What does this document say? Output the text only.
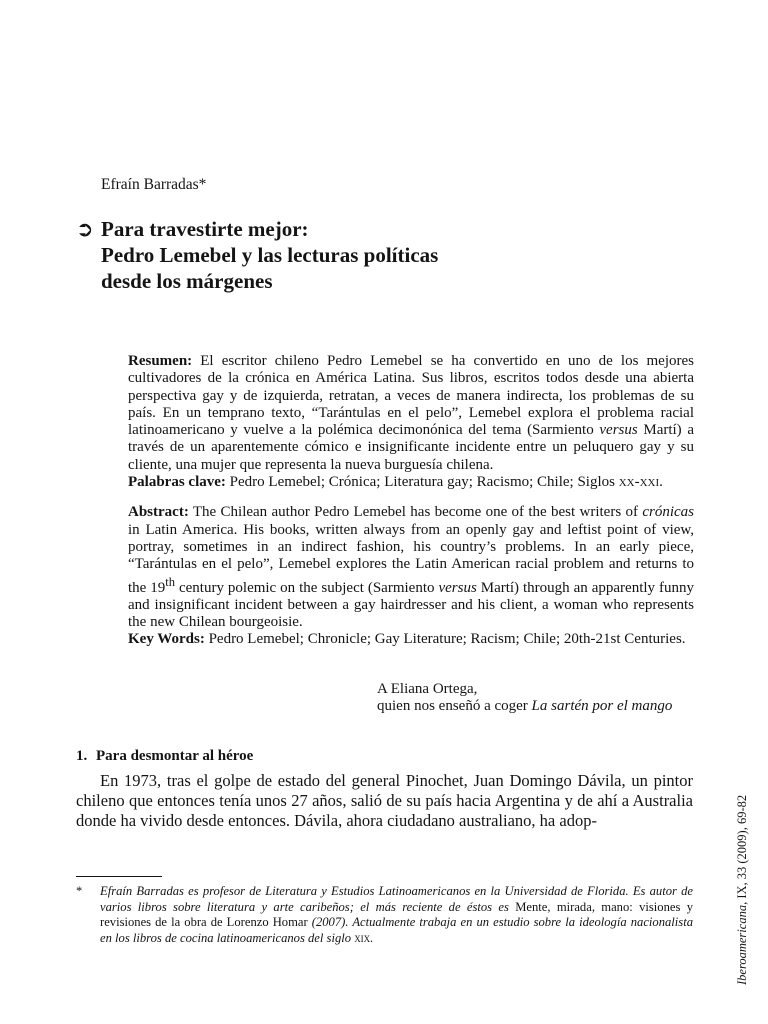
Efraín Barradas*
➲ Para travestirte mejor:
Pedro Lemebel y las lecturas políticas
desde los márgenes

Resumen: El escritor chileno Pedro Lemebel se ha convertido en uno de los mejores cultivadores de la crónica en América Latina. Sus libros, escritos todos desde una abierta perspectiva gay y de izquierda, retratan, a veces de manera indirecta, los problemas de su país. En un temprano texto, “Tarántulas en el pelo”, Lemebel explora el problema racial latinoamericano y vuelve a la polémica decimonónica del tema (Sarmiento versus Martí) a través de un aparentemente cómico e insignificante incidente entre un peluquero gay y su cliente, una mujer que representa la nueva burguesía chilena.

Palabras clave: Pedro Lemebel; Crónica; Literatura gay; Racismo; Chile; Siglos xx-xxi.

Abstract: The Chilean author Pedro Lemebel has become one of the best writers of crónicas in Latin America. His books, written always from an openly gay and leftist point of view, portray, sometimes in an indirect fashion, his country’s problems. In an early piece, “Tarántulas en el pelo”, Lemebel explores the Latin American racial problem and returns to the 19th century polemic on the subject (Sarmiento versus Martí) through an apparently funny and insignificant incident between a gay hairdresser and his client, a woman who represents the new Chilean bourgeoisie.

Key Words: Pedro Lemebel; Chronicle; Gay Literature; Racism; Chile; 20th-21st Centuries.

A Eliana Ortega,
quien nos enseñó a coger La sartén por el mango
1. Para desmontar al héroe

En 1973, tras el golpe de estado del general Pinochet, Juan Domingo Dávila, un pintor chileno que entonces tenía unos 27 años, salió de su país hacia Argentina y de ahí a Australia donde ha vivido desde entonces. Dávila, ahora ciudadano australiano, ha adop-

* Efraín Barradas es profesor de Literatura y Estudios Latinoamericanos en la Universidad de Florida. Es autor de varios libros sobre literatura y arte caribeños; el más reciente de éstos es Mente, mirada, mano: visiones y revisiones de la obra de Lorenzo Homar (2007). Actualmente trabaja en un estudio sobre la ideología nacionalista en los libros de cocina latinoamericanos del siglo xix.	Iberoamericana, IX, 33 (2009), 69-82
